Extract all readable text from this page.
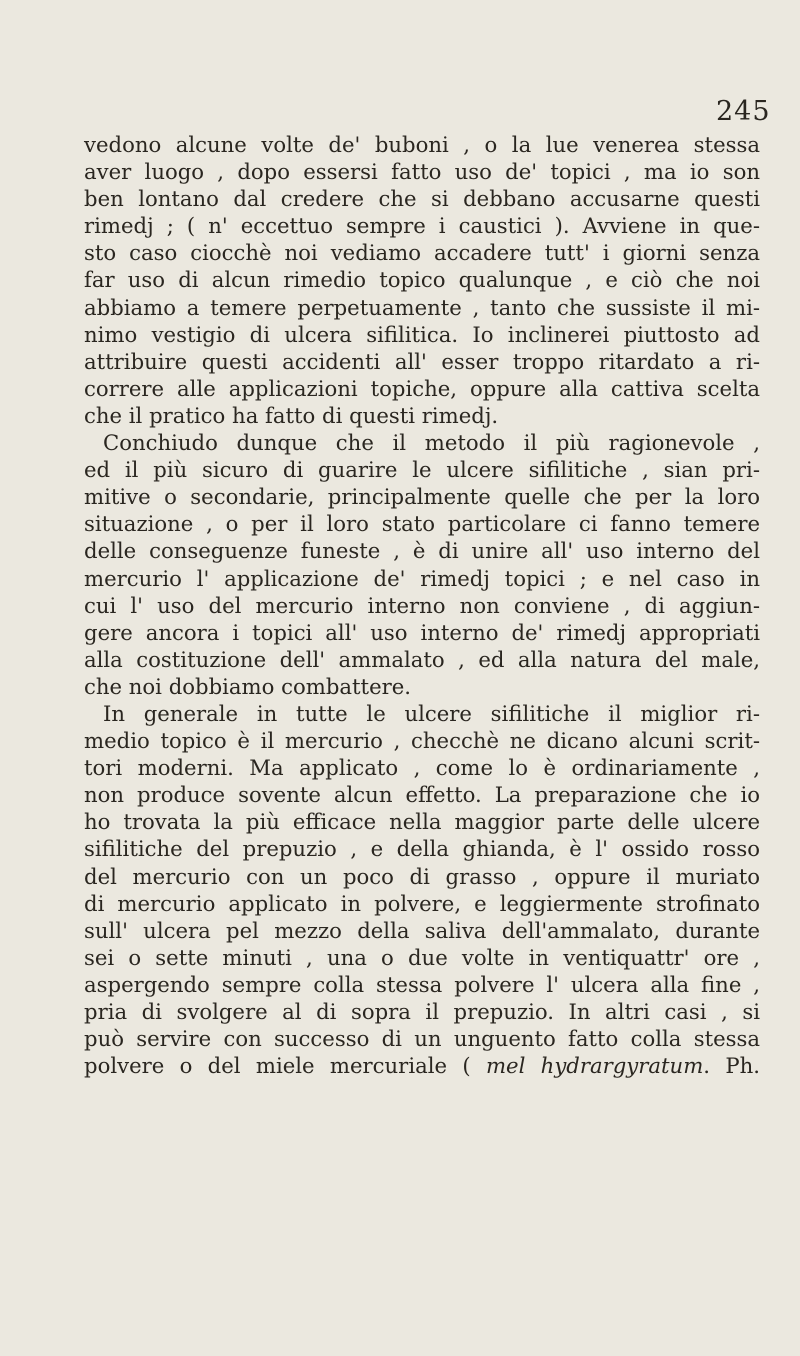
245
vedono alcune volte de' buboni , o la lue venerea stessa
aver luogo , dopo essersi fatto uso de' topici , ma io son
ben lontano dal credere che si debbano accusarne questi
rimedj ; ( n' eccettuo sempre i caustici ). Avviene in que-
sto caso ciocchè noi vediamo accadere tutt' i giorni senza
far uso di alcun rimedio topico qualunque , e ciò che noi
abbiamo a temere perpetuamente , tanto che sussiste il mi-
nimo vestigio di ulcera sifilitica. Io inclinerei piuttosto ad
attribuire questi accidenti all' esser troppo ritardato a ri-
correre alle applicazioni topiche, oppure alla cattiva scelta
che il pratico ha fatto di questi rimedj.
Conchiudo dunque che il metodo il più ragionevole ,
ed il più sicuro di guarire le ulcere sifilitiche , sian pri-
mitive o secondarie, principalmente quelle che per la loro
situazione , o per il loro stato particolare ci fanno temere
delle conseguenze funeste , è di unire all' uso interno del
mercurio l' applicazione de' rimedj topici ; e nel caso in
cui l' uso del mercurio interno non conviene , di aggiun-
gere ancora i topici all' uso interno de' rimedj appropriati
alla costituzione dell' ammalato , ed alla natura del male,
che noi dobbiamo combattere.
In generale in tutte le ulcere sifilitiche il miglior ri-
medio topico è il mercurio , checchè ne dicano alcuni scrit-
tori moderni. Ma applicato , come lo è ordinariamente ,
non produce sovente alcun effetto. La preparazione che io
ho trovata la più efficace nella maggior parte delle ulcere
sifilitiche del prepuzio , e della ghianda, è l' ossido rosso
del mercurio con un poco di grasso , oppure il muriato
di mercurio applicato in polvere, e leggiermente strofinato
sull' ulcera pel mezzo della saliva dell'ammalato, durante
sei o sette minuti , una o due volte in ventiquattr' ore ,
aspergendo sempre colla stessa polvere l' ulcera alla fine ,
pria di svolgere al di sopra il prepuzio. In altri casi , si
può servire con successo di un unguento fatto colla stessa
polvere o del miele mercuriale ( mel hydrargyratum. Ph.
